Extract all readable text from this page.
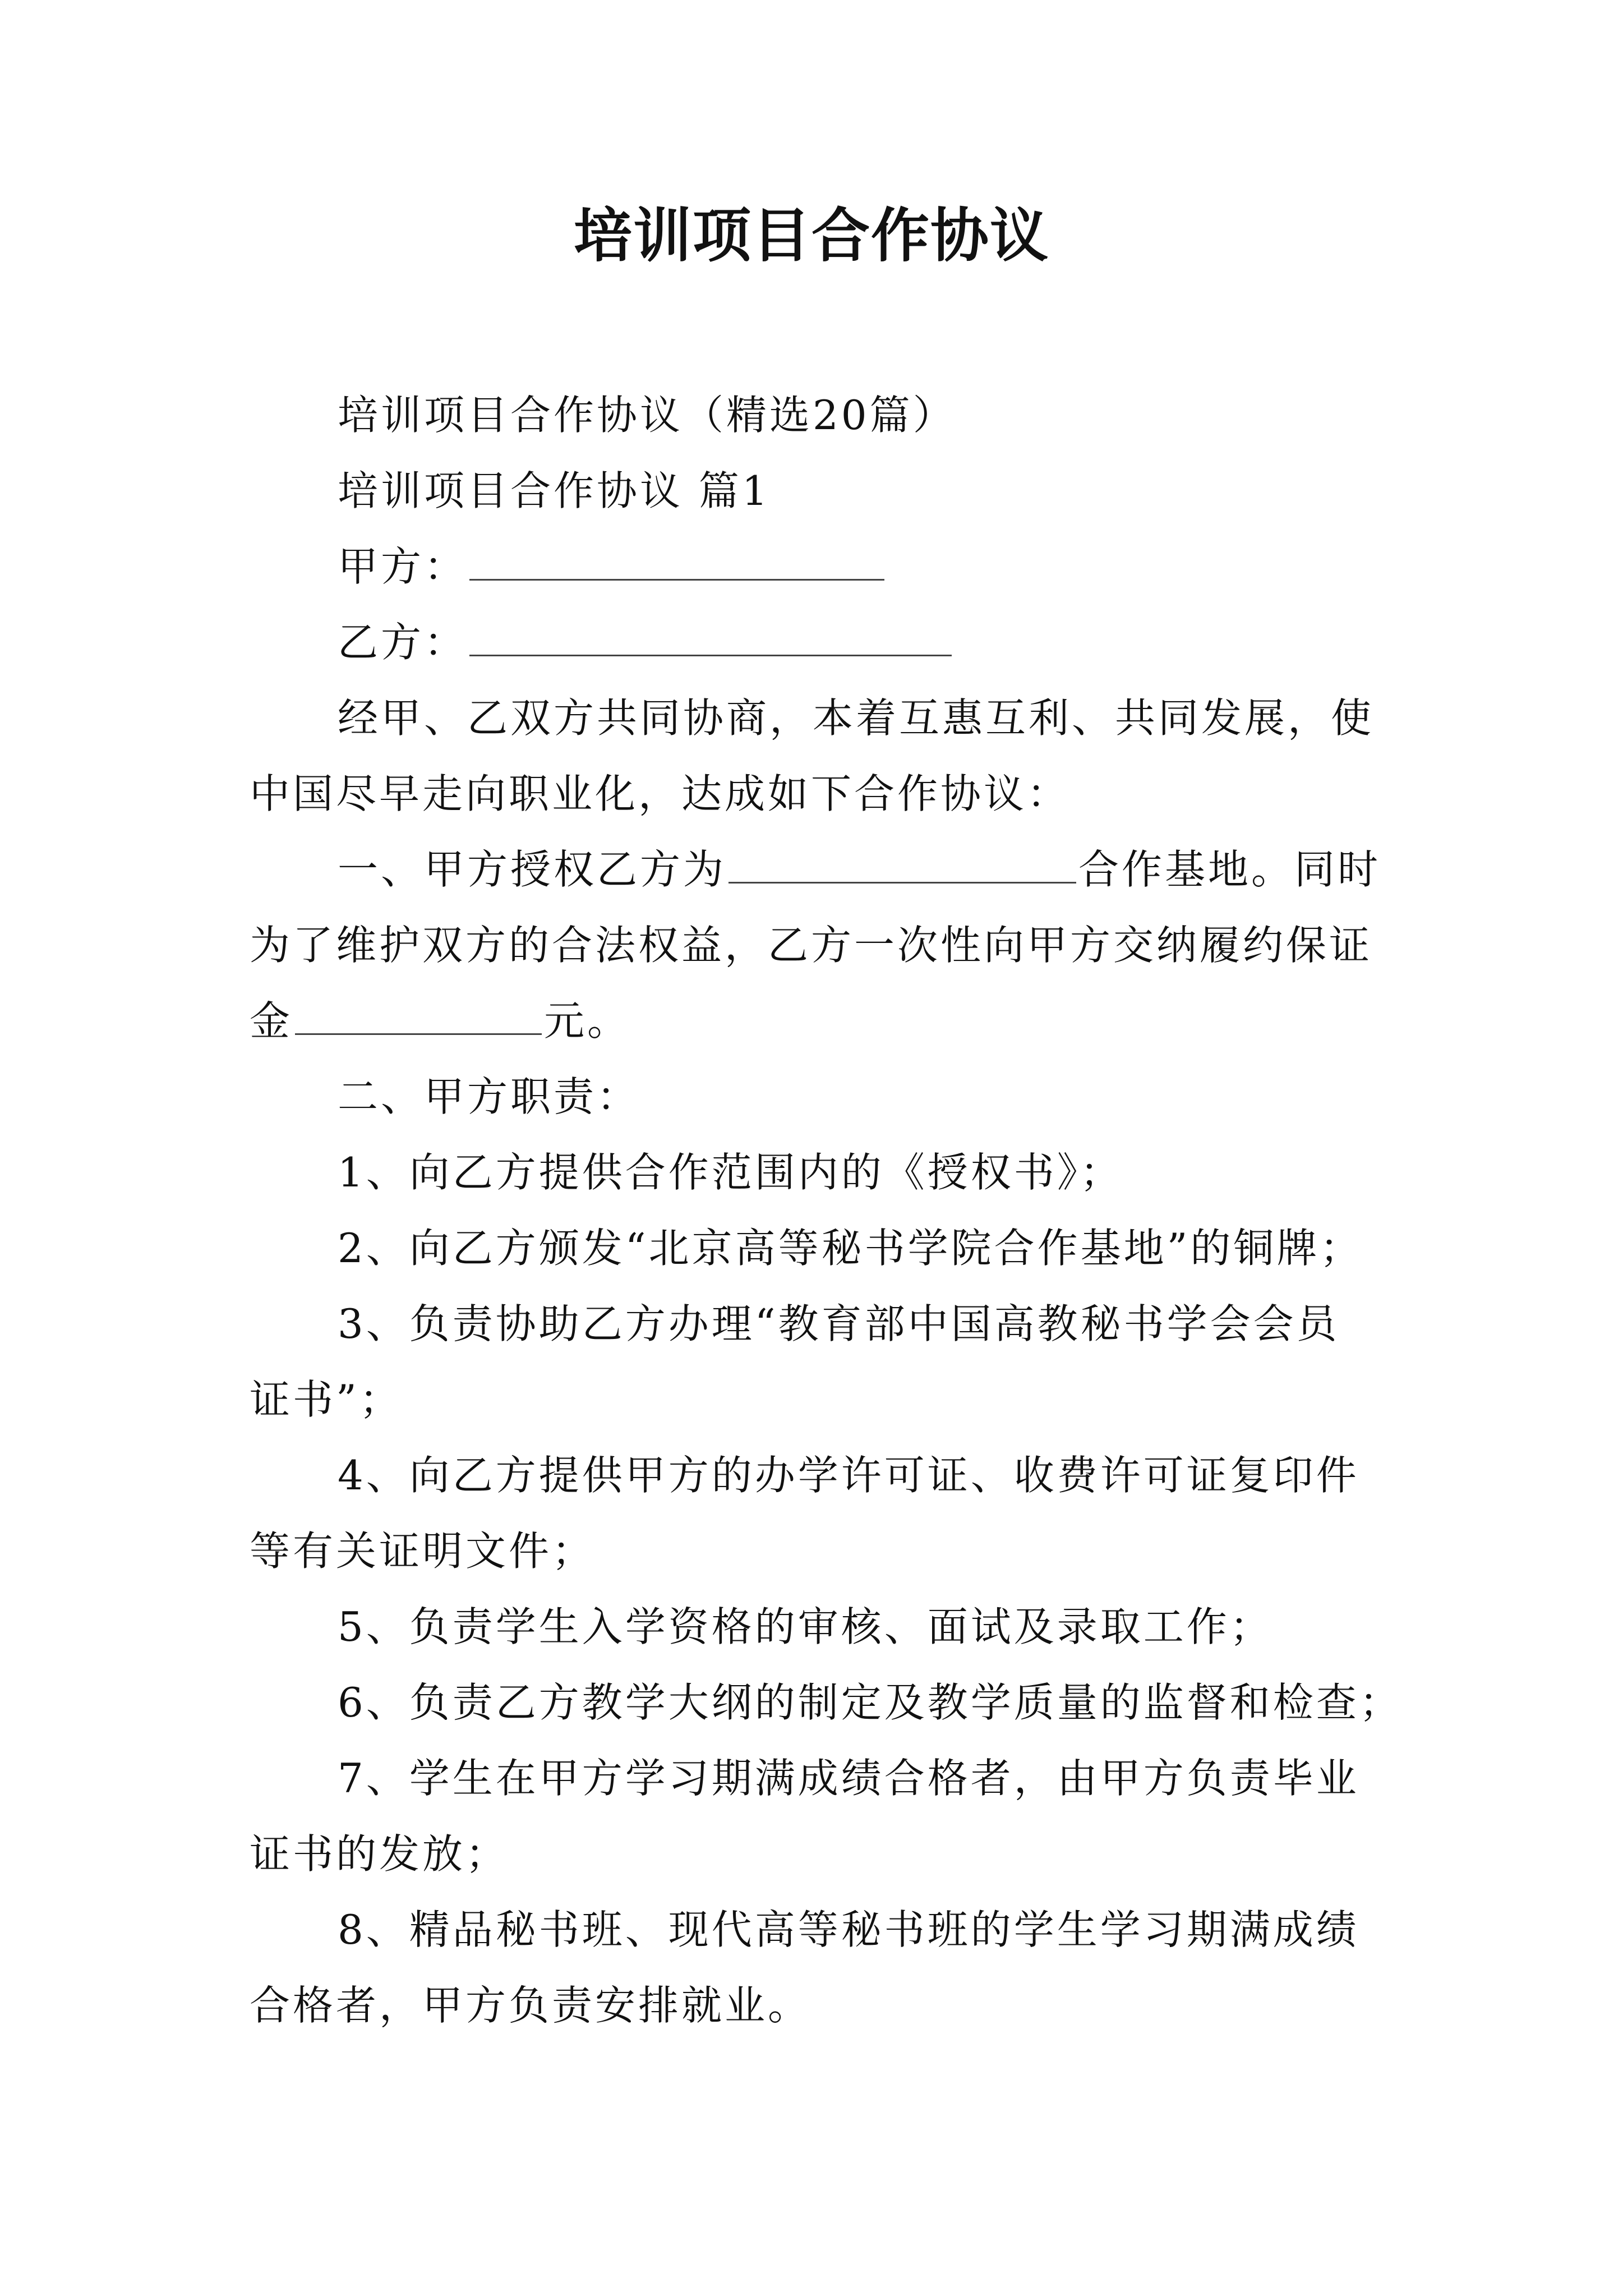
培训项目合作协议
培训项目合作协议（精选20篇）
培训项目合作协议 篇1
甲方：
乙方：
经甲、乙双方共同协商，本着互惠互利、共同发展，使
中国尽早走向职业化，达成如下合作协议：
一、甲方授权乙方为	合作基地。同时
为了维护双方的合法权益，乙方一次性向甲方交纳履约保证
金	元。
二、甲方职责：
1、向乙方提供合作范围内的《授权书》；
2、向乙方颁发“北京高等秘书学院合作基地”的铜牌；
3、负责协助乙方办理“教育部中国高教秘书学会会员
证书”；
4、向乙方提供甲方的办学许可证、收费许可证复印件
等有关证明文件；
5、负责学生入学资格的审核、面试及录取工作；
6、负责乙方教学大纲的制定及教学质量的监督和检查；
7、学生在甲方学习期满成绩合格者，由甲方负责毕业
证书的发放；
8、精品秘书班、现代高等秘书班的学生学习期满成绩
合格者，甲方负责安排就业。
